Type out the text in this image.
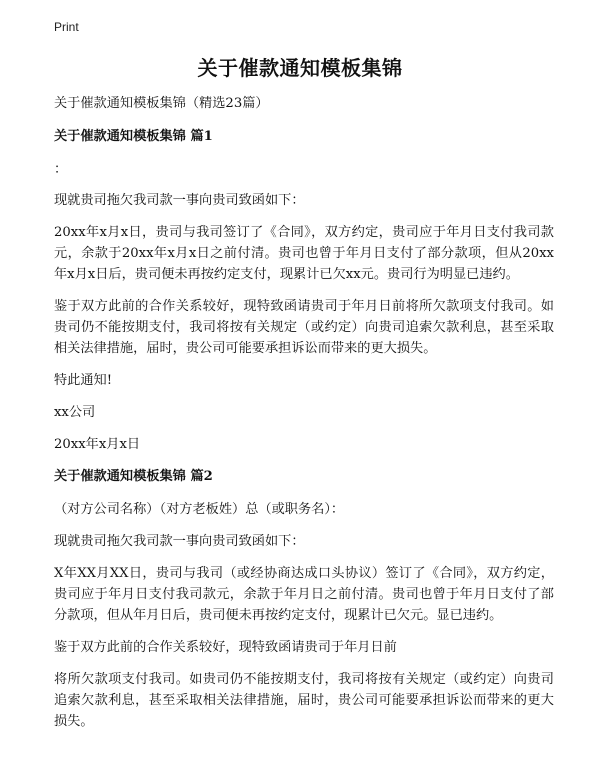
Print
关于催款通知模板集锦

关于催款通知模板集锦（精选23篇）

关于催款通知模板集锦 篇1

：

现就贵司拖欠我司款一事向贵司致函如下：

20xx年x月x日，贵司与我司签订了《合同》，双方约定，贵司应于年月日支付我司款元，余款于20xx年x月x日之前付清。贵司也曾于年月日支付了部分款项，但从20xx年x月x日后，贵司便未再按约定支付，现累计已欠xx元。贵司行为明显已违约。

鉴于双方此前的合作关系较好，现特致函请贵司于年月日前将所欠款项支付我司。如贵司仍不能按期支付，我司将按有关规定（或约定）向贵司追索欠款利息，甚至采取相关法律措施，届时，贵公司可能要承担诉讼而带来的更大损失。

特此通知!

xx公司

20xx年x月x日

关于催款通知模板集锦 篇2

（对方公司名称）（对方老板姓）总（或职务名）：

现就贵司拖欠我司款一事向贵司致函如下：

X年XX月XX日，贵司与我司（或经协商达成口头协议）签订了《合同》，双方约定，贵司应于年月日支付我司款元，余款于年月日之前付清。贵司也曾于年月日支付了部分款项，但从年月日后，贵司便未再按约定支付，现累计已欠元。显已违约。

鉴于双方此前的合作关系较好，现特致函请贵司于年月日前

将所欠款项支付我司。如贵司仍不能按期支付，我司将按有关规定（或约定）向贵司追索欠款利息，甚至采取相关法律措施，届时，贵公司可能要承担诉讼而带来的更大损失。
